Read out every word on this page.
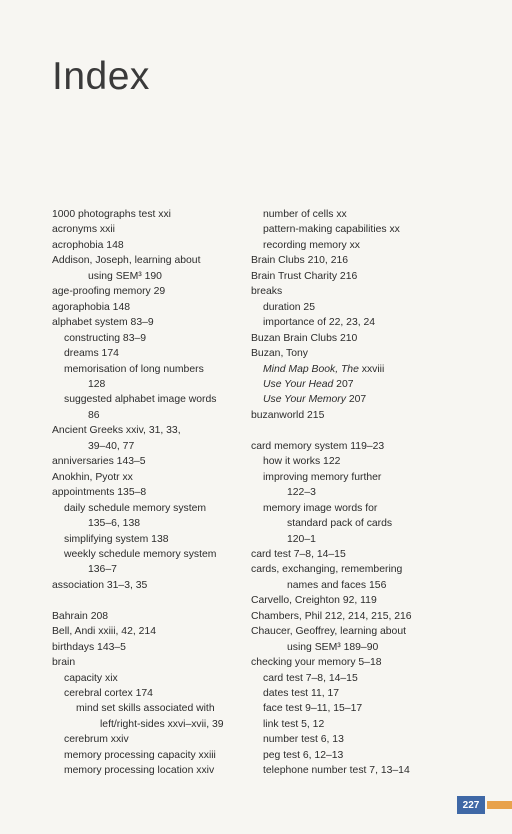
Index
1000 photographs test xxi
acronyms xxii
acrophobia 148
Addison, Joseph, learning about
using SEM³ 190
age-proofing memory 29
agoraphobia 148
alphabet system 83–9
constructing 83–9
dreams 174
memorisation of long numbers
128
suggested alphabet image words
86
Ancient Greeks xxiv, 31, 33,
39–40, 77
anniversaries 143–5
Anokhin, Pyotr xx
appointments 135–8
daily schedule memory system
135–6, 138
simplifying system 138
weekly schedule memory system
136–7
association 31–3, 35
Bahrain 208
Bell, Andi xxiii, 42, 214
birthdays 143–5
brain
capacity xix
cerebral cortex 174
mind set skills associated with
left/right-sides xxvi–xvii, 39
cerebrum xxiv
memory processing capacity xxiii
memory processing location xxiv
number of cells xx
pattern-making capabilities xx
recording memory xx
Brain Clubs 210, 216
Brain Trust Charity 216
breaks
duration 25
importance of 22, 23, 24
Buzan Brain Clubs 210
Buzan, Tony
Mind Map Book, The xxviii
Use Your Head 207
Use Your Memory 207
buzanworld 215
card memory system 119–23
how it works 122
improving memory further
122–3
memory image words for
standard pack of cards
120–1
card test 7–8, 14–15
cards, exchanging, remembering
names and faces 156
Carvello, Creighton 92, 119
Chambers, Phil 212, 214, 215, 216
Chaucer, Geoffrey, learning about
using SEM³ 189–90
checking your memory 5–18
card test 7–8, 14–15
dates test 11, 17
face test 9–11, 15–17
link test 5, 12
number test 6, 13
peg test 6, 12–13
telephone number test 7, 13–14
227
